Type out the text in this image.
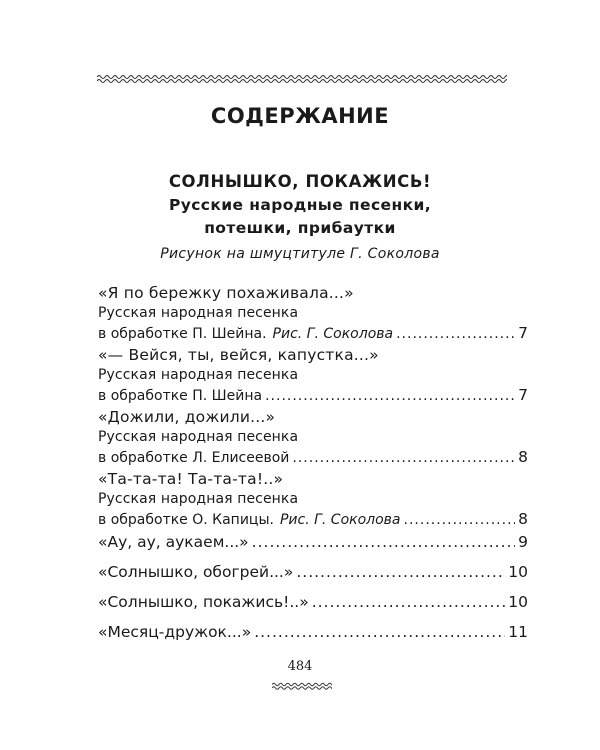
СОДЕРЖАНИЕ
СОЛНЫШКО, ПОКАЖИСЬ!
Русские народные песенки,
потешки, прибаутки
Рисунок на шмуцтитуле Г. Соколова
«Я по бережку похаживала...»
Русская народная песенка
в обработке П. Шейна. Рис. Г. Соколова .....	7
«— Вейся, ты, вейся, капустка...»
Русская народная песенка
в обработке П. Шейна .....	7
«Дожили, дожили...»
Русская народная песенка
в обработке Л. Елисеевой .....	8
«Та-та-та! Та-та-та!..»
Русская народная песенка
в обработке О. Капицы. Рис. Г. Соколова .....	8
«Ау, ау, аукаем...» .....	9
«Солнышко, обогрей...» .....	10
«Солнышко, покажись!..» .....	10
«Месяц-дружок...» .....	11
484
